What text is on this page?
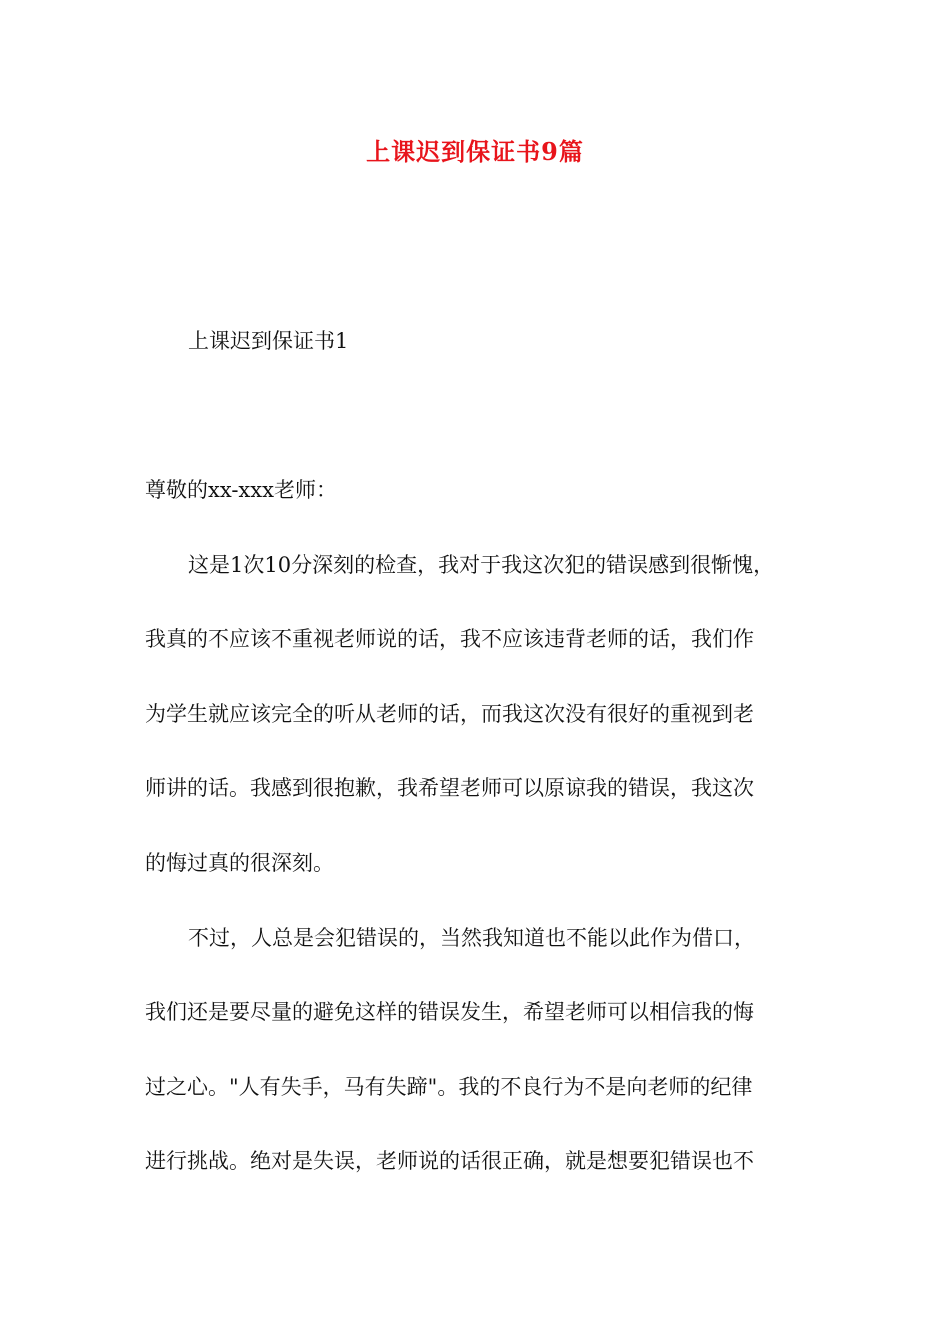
上课迟到保证书9篇
上课迟到保证书1

尊敬的xx-xxx老师：

这是1次10分深刻的检查，我对于我这次犯的错误感到很惭愧，

我真的不应该不重视老师说的话，我不应该违背老师的话，我们作

为学生就应该完全的听从老师的话，而我这次没有很好的重视到老

师讲的话。我感到很抱歉，我希望老师可以原谅我的错误，我这次

的悔过真的很深刻。

不过，人总是会犯错误的，当然我知道也不能以此作为借口，

我们还是要尽量的避免这样的错误发生，希望老师可以相信我的悔

过之心。"人有失手，马有失蹄"。我的不良行为不是向老师的纪律

进行挑战。绝对是失误，老师说的话很正确，就是想要犯错误也不
